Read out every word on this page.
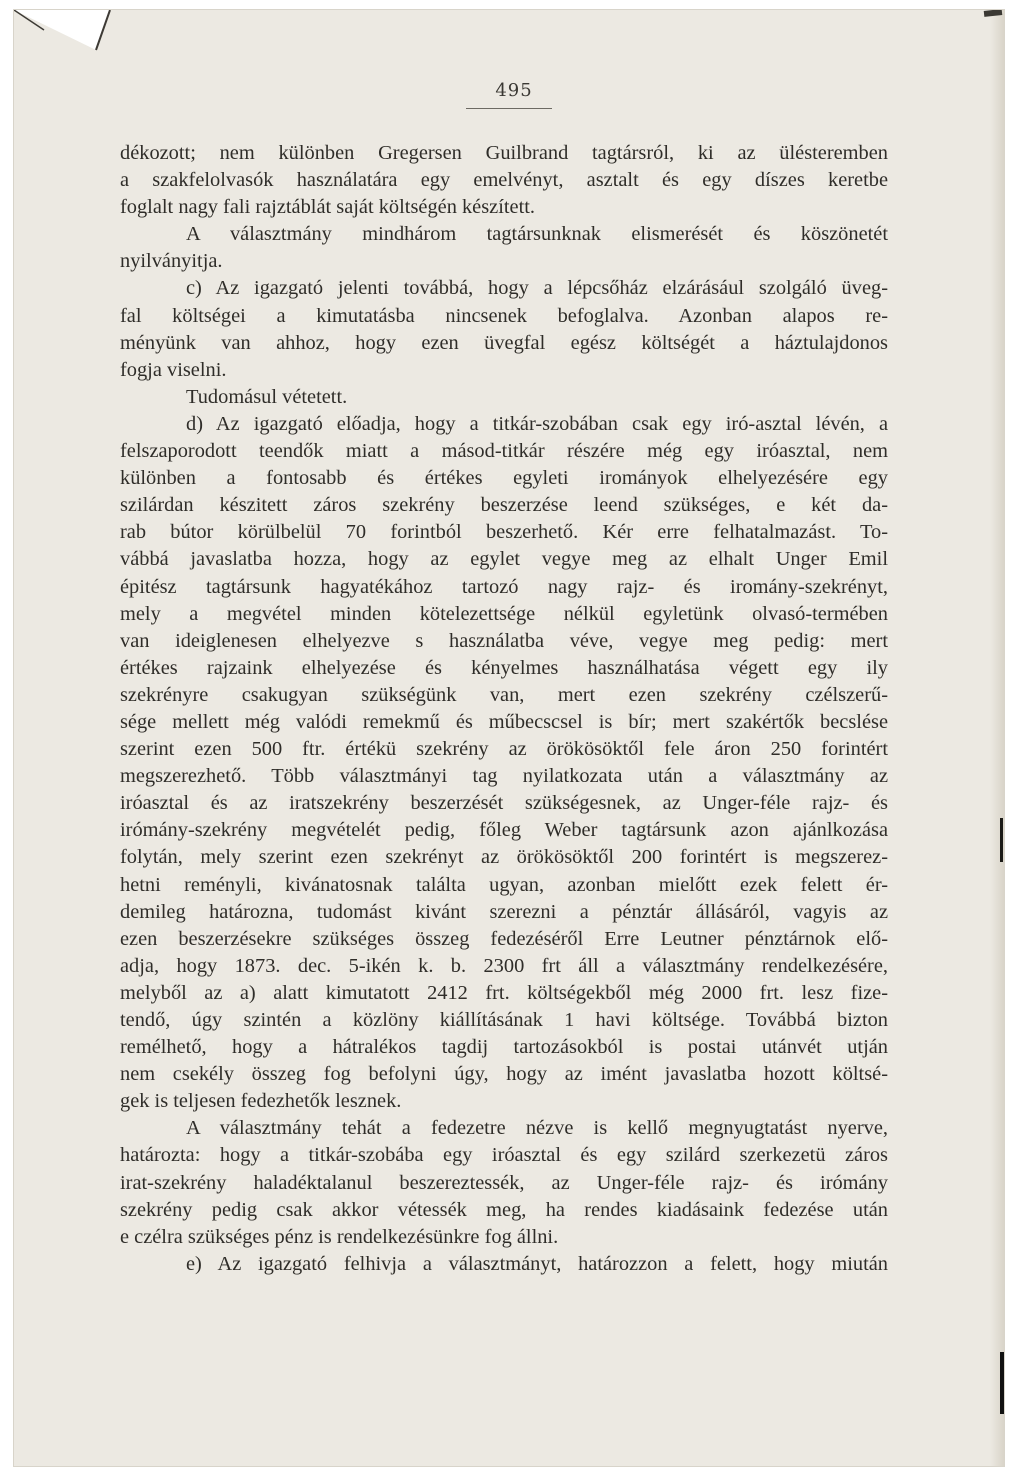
495
dékozott; nem különben Gregersen Guilbrand tagtársról, ki az ülésteremben
a szakfelolvasók használatára egy emelvényt, asztalt és egy díszes keretbe
foglalt nagy fali rajztáblát saját költségén készített.
A választmány mindhárom tagtársunknak elismerését és köszönetét
nyilványitja.
c) Az igazgató jelenti továbbá, hogy a lépcsőház elzárásául szolgáló üveg-
fal költségei a kimutatásba nincsenek befoglalva. Azonban alapos re-
ményünk van ahhoz, hogy ezen üvegfal egész költségét a háztulajdonos
fogja viselni.
Tudomásul vétetett.
d) Az igazgató előadja, hogy a titkár-szobában csak egy iró-asztal lévén, a
felszaporodott teendők miatt a másod-titkár részére még egy iróasztal, nem
különben a fontosabb és értékes egyleti irományok elhelyezésére egy
szilárdan készitett záros szekrény beszerzése leend szükséges, e két da-
rab bútor körülbelül 70 forintból beszerhető. Kér erre felhatalmazást. To-
vábbá javaslatba hozza, hogy az egylet vegye meg az elhalt Unger Emil
épitész tagtársunk hagyatékához tartozó nagy rajz- és iromány-szekrényt,
mely a megvétel minden kötelezettsége nélkül egyletünk olvasó-termében
van ideiglenesen elhelyezve s használatba véve, vegye meg pedig: mert
értékes rajzaink elhelyezése és kényelmes használhatása végett egy ily
szekrényre csakugyan szükségünk van, mert ezen szekrény czélszerű-
sége mellett még valódi remekmű és műbecscsel is bír; mert szakértők becslése
szerint ezen 500 ftr. értékü szekrény az örökösöktől fele áron 250 forintért
megszerezhető. Több választmányi tag nyilatkozata után a választmány az
iróasztal és az iratszekrény beszerzését szükségesnek, az Unger-féle rajz- és
irómány-szekrény megvételét pedig, főleg Weber tagtársunk azon ajánlkozása
folytán, mely szerint ezen szekrényt az örökösöktől 200 forintért is megszerez-
hetni reményli, kivánatosnak találta ugyan, azonban mielőtt ezek felett ér-
demileg határozna, tudomást kivánt szerezni a pénztár állásáról, vagyis az
ezen beszerzésekre szükséges összeg fedezéséről Erre Leutner pénztárnok elő-
adja, hogy 1873. dec. 5-ikén k. b. 2300 frt áll a választmány rendelkezésére,
melyből az a) alatt kimutatott 2412 frt. költségekből még 2000 frt. lesz fize-
tendő, úgy szintén a közlöny kiállításának 1 havi költsége. Továbbá bizton
remélhető, hogy a hátralékos tagdij tartozásokból is postai utánvét utján
nem csekély összeg fog befolyni úgy, hogy az imént javaslatba hozott költsé-
gek is teljesen fedezhetők lesznek.
A választmány tehát a fedezetre nézve is kellő megnyugtatást nyerve,
határozta: hogy a titkár-szobába egy iróasztal és egy szilárd szerkezetü záros
irat-szekrény haladéktalanul beszereztessék, az Unger-féle rajz- és irómány
szekrény pedig csak akkor vétessék meg, ha rendes kiadásaink fedezése után
e czélra szükséges pénz is rendelkezésünkre fog állni.
e) Az igazgató felhivja a választmányt, határozzon a felett, hogy miután
